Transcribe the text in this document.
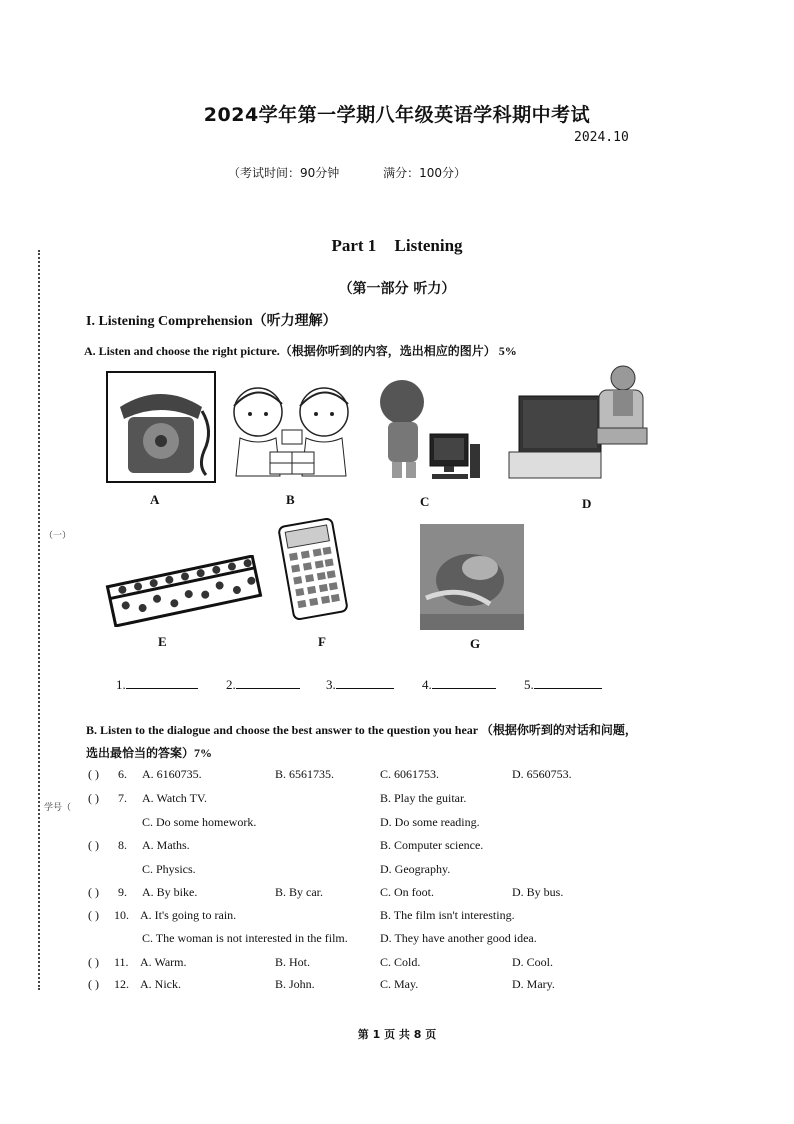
2024学年第一学期八年级英语学科期中考试
2024.10
（考试时间：90分钟	满分：100分）
Part 1 Listening
（第一部分 听力）
I. Listening Comprehension（听力理解）
A. Listen and choose the right picture.（根据你听到的内容，选出相应的图片） 5%
（一）
学号（
A	B	C	D
E	F	G
1.	2.	3.	4.	5.
B. Listen to the dialogue and choose the best answer to the question you hear （根据你听到的对话和问题，选出最恰当的答案）7%
( ) 6. A. 6160735.	B. 6561735.	C. 6061753.	D. 6560753.
( ) 7. A. Watch TV.	B. Play the guitar.
C. Do some homework.	D. Do some reading.
( ) 8. A. Maths.	B. Computer science.
C. Physics.	D. Geography.
( ) 9. A. By bike.	B. By car.	C. On foot.	D. By bus.
( ) 10. A. It's going to rain.	B. The film isn't interesting.
C. The woman is not interested in the film.	D. They have another good idea.
( ) 11. A. Warm.	B. Hot.	C. Cold.	D. Cool.
( ) 12. A. Nick.	B. John.	C. May.	D. Mary.
第 1 页 共 8 页
